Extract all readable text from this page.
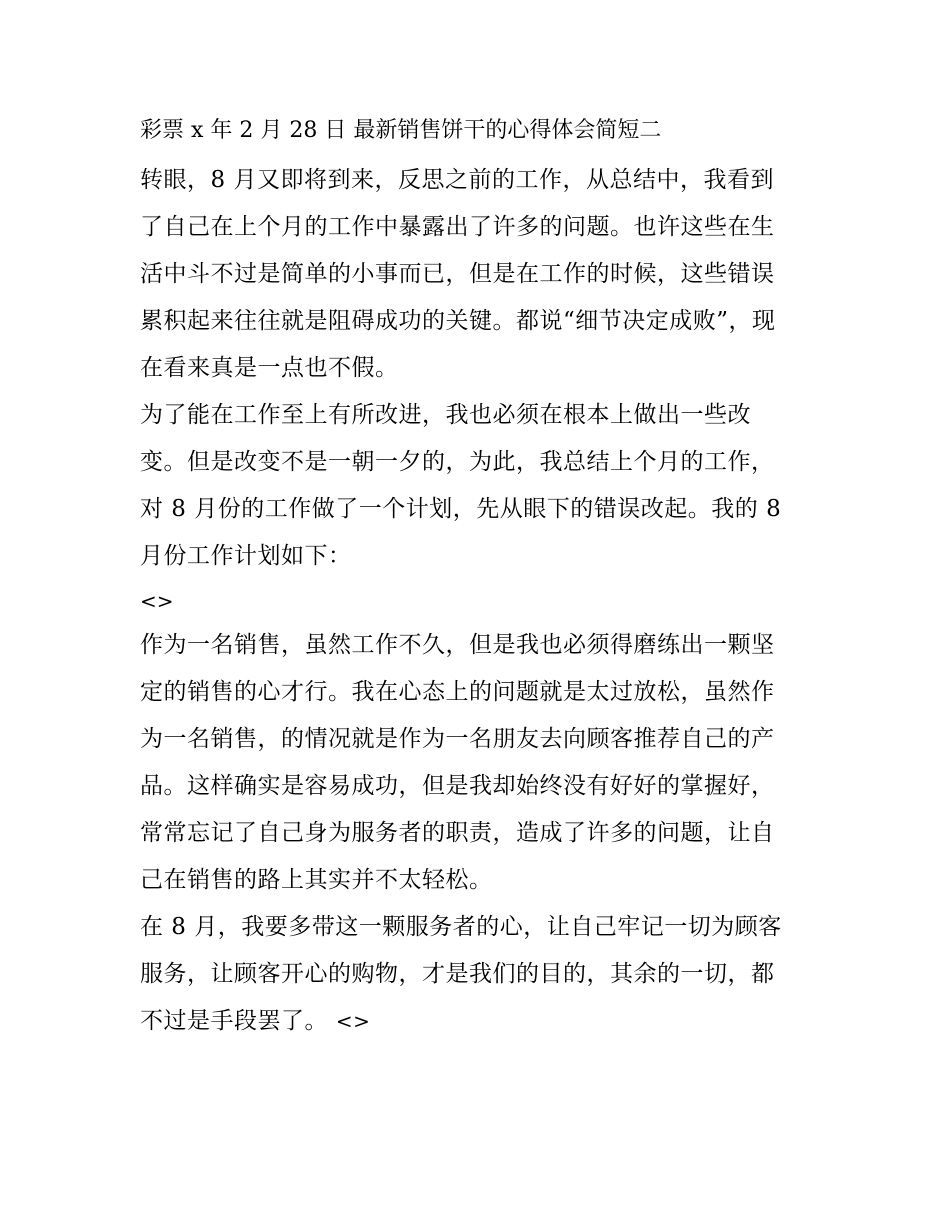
彩票 x 年 2 月 28 日 最新销售饼干的心得体会简短二
转眼，8 月又即将到来，反思之前的工作，从总结中，我看到
了自己在上个月的工作中暴露出了许多的问题。也许这些在生
活中斗不过是简单的小事而已，但是在工作的时候，这些错误
累积起来往往就是阻碍成功的关键。都说“细节决定成败”，现
在看来真是一点也不假。
为了能在工作至上有所改进，我也必须在根本上做出一些改
变。但是改变不是一朝一夕的，为此，我总结上个月的工作，
对 8 月份的工作做了一个计划，先从眼下的错误改起。我的 8
月份工作计划如下：
<>
作为一名销售，虽然工作不久，但是我也必须得磨练出一颗坚
定的销售的心才行。我在心态上的问题就是太过放松，虽然作
为一名销售，的情况就是作为一名朋友去向顾客推荐自己的产
品。这样确实是容易成功，但是我却始终没有好好的掌握好，
常常忘记了自己身为服务者的职责，造成了许多的问题，让自
己在销售的路上其实并不太轻松。
在 8 月，我要多带这一颗服务者的心，让自己牢记一切为顾客
服务，让顾客开心的购物，才是我们的目的，其余的一切，都
不过是手段罢了。 <>
